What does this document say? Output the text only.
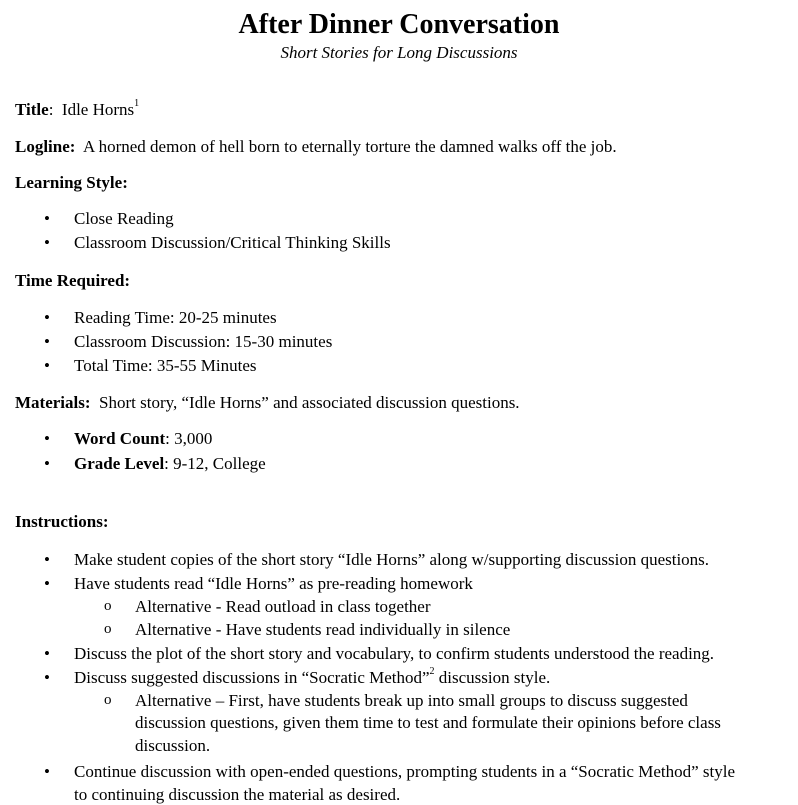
After Dinner Conversation
Short Stories for Long Discussions
Title:  Idle Horns$^1$
Logline: A horned demon of hell born to eternally torture the damned walks off the job.
Learning Style:
• Close Reading
• Classroom Discussion/Critical Thinking Skills
Time Required:
• Reading Time: 20-25 minutes
• Classroom Discussion: 15-30 minutes
• Total Time: 35-55 Minutes
Materials: Short story, “Idle Horns” and associated discussion questions.
• Word Count: 3,000
• Grade Level: 9-12, College
Instructions:
• Make student copies of the short story “Idle Horns” along w/supporting discussion questions.
• Have students read “Idle Horns” as pre-reading homework
o Alternative - Read outload in class together
o Alternative - Have students read individually in silence
• Discuss the plot of the short story and vocabulary, to confirm students understood the reading.
• Discuss suggested discussions in “Socratic Method”$^2$ discussion style.
o Alternative – First, have students break up into small groups to discuss suggested
discussion questions, given them time to test and formulate their opinions before class
discussion.
• Continue discussion with open-ended questions, prompting students in a “Socratic Method” style
to continuing discussion the material as desired.
